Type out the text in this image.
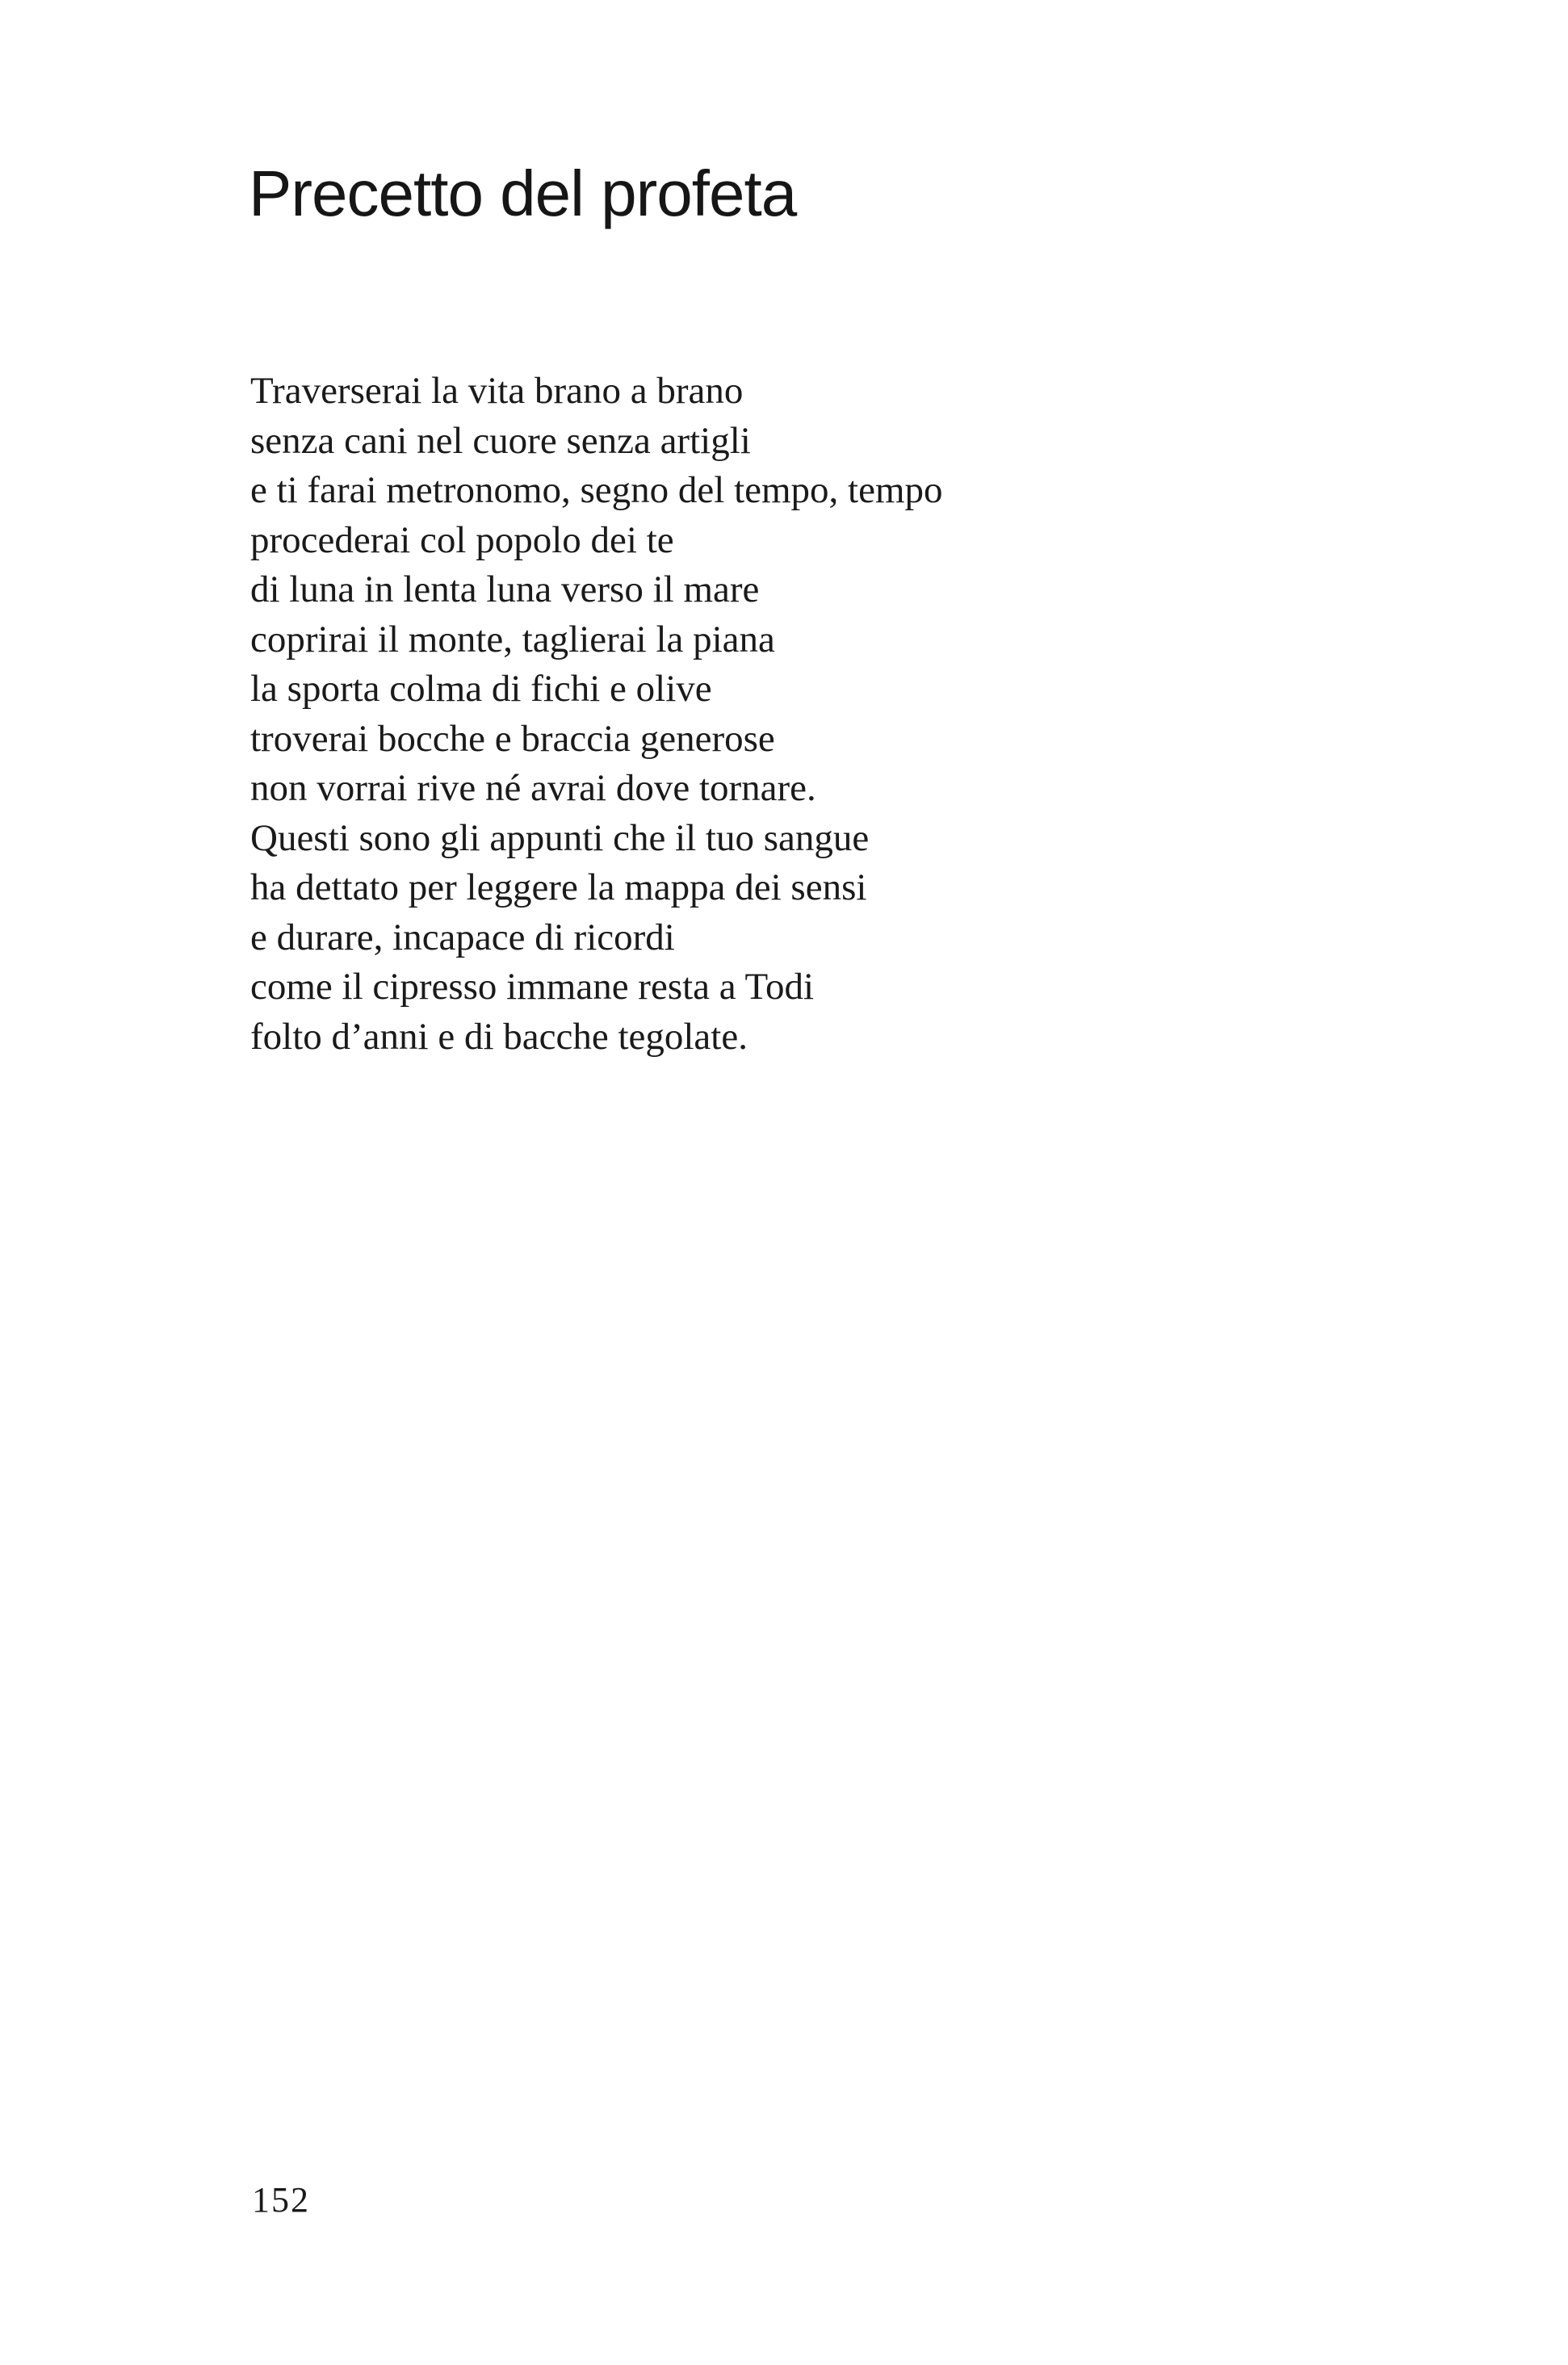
Precetto del profeta
Traverserai la vita brano a brano
senza cani nel cuore senza artigli
e ti farai metronomo, segno del tempo, tempo
procederai col popolo dei te
di luna in lenta luna verso il mare
coprirai il monte, taglierai la piana
la sporta colma di fichi e olive
troverai bocche e braccia generose
non vorrai rive né avrai dove tornare.
Questi sono gli appunti che il tuo sangue
ha dettato per leggere la mappa dei sensi
e durare, incapace di ricordi
come il cipresso immane resta a Todi
folto d’anni e di bacche tegolate.

152
